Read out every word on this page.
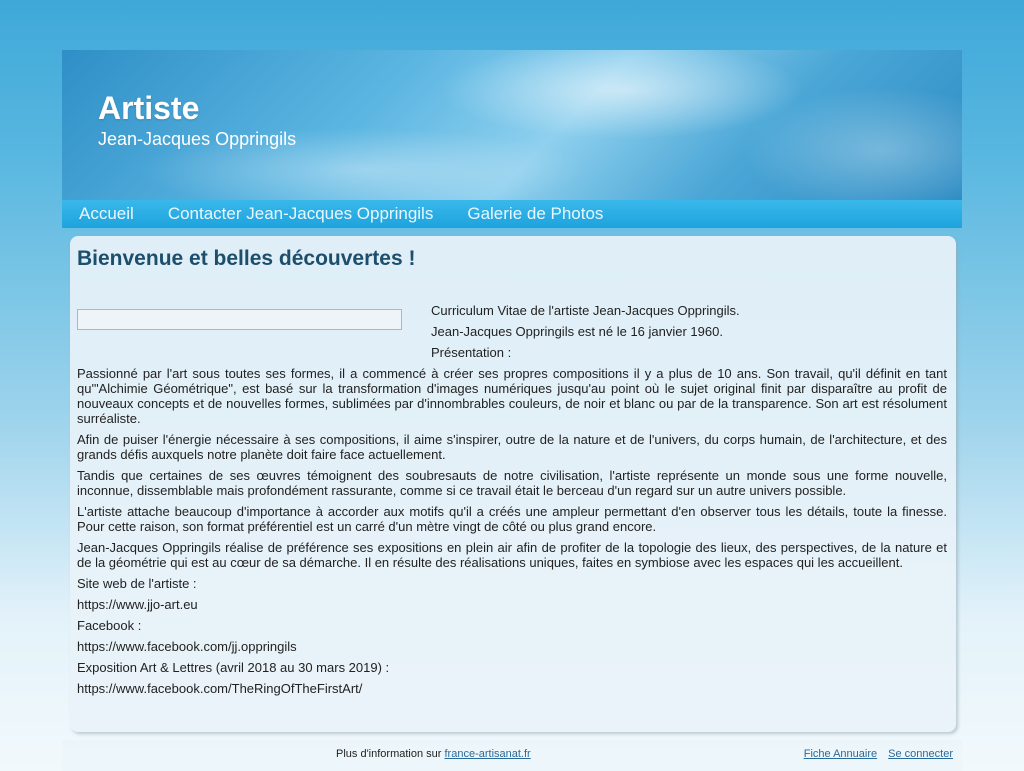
Artiste
Jean-Jacques Oppringils
Accueil Contacter Jean-Jacques Oppringils Galerie de Photos
Bienvenue et belles découvertes !

Curriculum Vitae de l'artiste Jean-Jacques Oppringils.

Jean-Jacques Oppringils est né le 16 janvier 1960.

Présentation :

Passionné par l'art sous toutes ses formes, il a commencé à créer ses propres compositions il y a plus de 10 ans. Son travail, qu'il définit en tant qu'"Alchimie Géométrique", est basé sur la transformation d'images numériques jusqu'au point où le sujet original finit par disparaître au profit de nouveaux concepts et de nouvelles formes, sublimées par d'innombrables couleurs, de noir et blanc ou par de la transparence. Son art est résolument surréaliste.

Afin de puiser l'énergie nécessaire à ses compositions, il aime s'inspirer, outre de la nature et de l'univers, du corps humain, de l'architecture, et des grands défis auxquels notre planète doit faire face actuellement.

Tandis que certaines de ses œuvres témoignent des soubresauts de notre civilisation, l'artiste représente un monde sous une forme nouvelle, inconnue, dissemblable mais profondément rassurante, comme si ce travail était le berceau d'un regard sur un autre univers possible.

L'artiste attache beaucoup d'importance à accorder aux motifs qu'il a créés une ampleur permettant d'en observer tous les détails, toute la finesse. Pour cette raison, son format préférentiel est un carré d'un mètre vingt de côté ou plus grand encore.

Jean-Jacques Oppringils réalise de préférence ses expositions en plein air afin de profiter de la topologie des lieux, des perspectives, de la nature et de la géométrie qui est au cœur de sa démarche. Il en résulte des réalisations uniques, faites en symbiose avec les espaces qui les accueillent.

Site web de l'artiste :

https://www.jjo-art.eu

Facebook :

https://www.facebook.com/jj.oppringils

Exposition Art & Lettres (avril 2018 au 30 mars 2019) :

https://www.facebook.com/TheRingOfTheFirstArt/

Plus d'information sur france-artisanat.fr	Fiche Annuaire Se connecter
